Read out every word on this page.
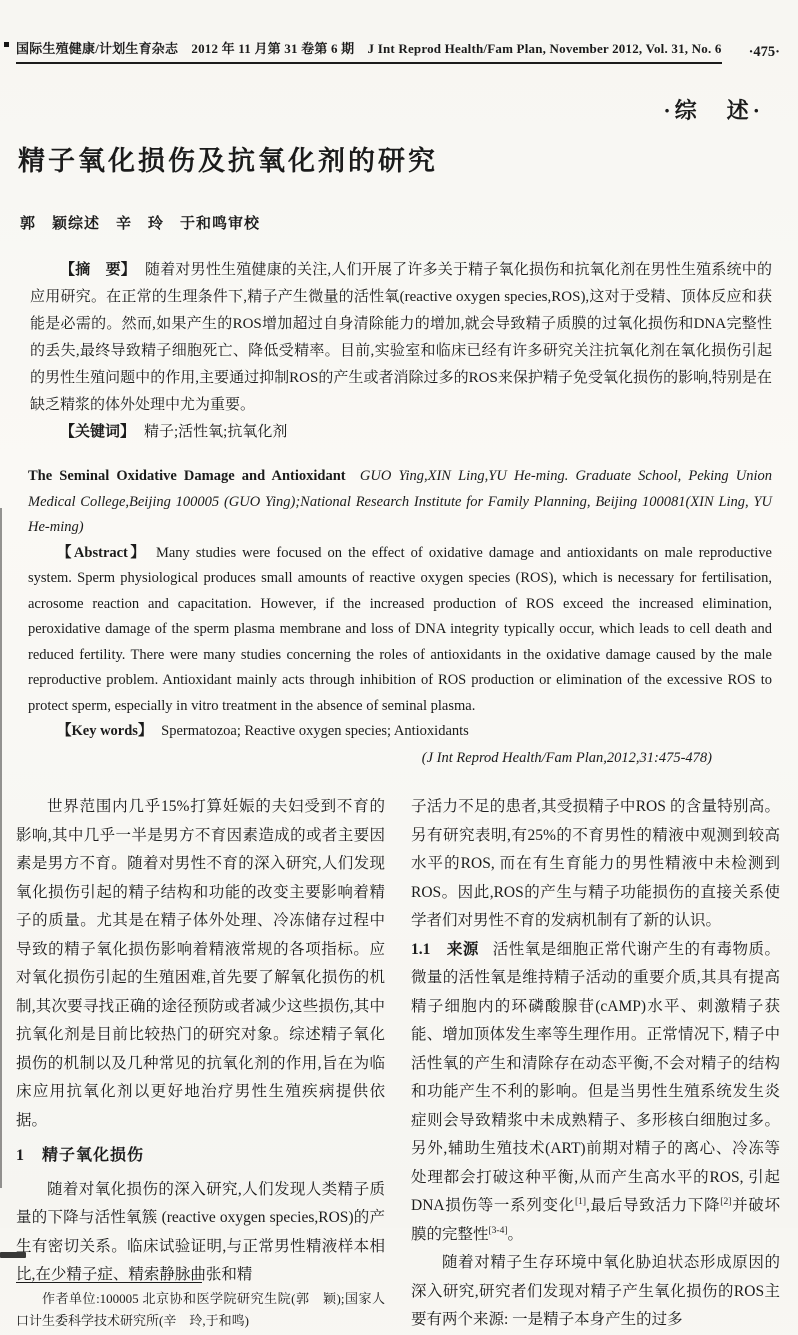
国际生殖健康/计划生育杂志　2012 年 11 月第 31 卷第 6 期　J Int Reprod Health/Fam Plan, November 2012, Vol. 31, No. 6 ·475·
·综　述·
精子氧化损伤及抗氧化剂的研究
郭　颖综述　辛　玲　于和鸣审校

【摘　要】 随着对男性生殖健康的关注,人们开展了许多关于精子氧化损伤和抗氧化剂在男性生殖系统中的应用研究。在正常的生理条件下,精子产生微量的活性氧(reactive oxygen species,ROS),这对于受精、顶体反应和获能是必需的。然而,如果产生的ROS增加超过自身清除能力的增加,就会导致精子质膜的过氧化损伤和DNA完整性的丢失,最终导致精子细胞死亡、降低受精率。目前,实验室和临床已经有许多研究关注抗氧化剂在氧化损伤引起的男性生殖问题中的作用,主要通过抑制ROS的产生或者消除过多的ROS来保护精子免受氧化损伤的影响,特别是在缺乏精浆的体外处理中尤为重要。

【关键词】 精子;活性氧;抗氧化剂

The Seminal Oxidative Damage and Antioxidant GUO Ying,XIN Ling,YU He-ming. Graduate School, Peking Union Medical College,Beijing 100005 (GUO Ying);National Research Institute for Family Planning, Beijing 100081(XIN Ling, YU He-ming)

【Abstract】 Many studies were focused on the effect of oxidative damage and antioxidants on male reproductive system. Sperm physiological produces small amounts of reactive oxygen species (ROS), which is necessary for fertilisation, acrosome reaction and capacitation. However, if the increased production of ROS exceed the increased elimination, peroxidative damage of the sperm plasma membrane and loss of DNA integrity typically occur, which leads to cell death and reduced fertility. There were many studies concerning the roles of antioxidants in the oxidative damage caused by the male reproductive problem. Antioxidant mainly acts through inhibition of ROS production or elimination of the excessive ROS to protect sperm, especially in vitro treatment in the absence of seminal plasma.

【Key words】 Spermatozoa; Reactive oxygen species; Antioxidants

(J Int Reprod Health/Fam Plan,2012,31:475-478)

世界范围内几乎15%打算妊娠的夫妇受到不育的影响,其中几乎一半是男方不育因素造成的或者主要因素是男方不育。随着对男性不育的深入研究,人们发现氧化损伤引起的精子结构和功能的改变主要影响着精子的质量。尤其是在精子体外处理、冷冻储存过程中导致的精子氧化损伤影响着精液常规的各项指标。应对氧化损伤引起的生殖困难,首先要了解氧化损伤的机制,其次要寻找正确的途径预防或者减少这些损伤,其中抗氧化剂是目前比较热门的研究对象。综述精子氧化损伤的机制以及几种常见的抗氧化剂的作用,旨在为临床应用抗氧化剂以更好地治疗男性生殖疾病提供依据。

1　精子氧化损伤

随着对氧化损伤的深入研究,人们发现人类精子质量的下降与活性氧簇 (reactive oxygen species,ROS)的产生有密切关系。临床试验证明,与正常男性精液样本相比,在少精子症、精索静脉曲张和精

子活力不足的患者,其受损精子中ROS 的含量特别高。另有研究表明,有25%的不育男性的精液中观测到较高水平的ROS, 而在有生育能力的男性精液中未检测到ROS。因此,ROS的产生与精子功能损伤的直接关系使学者们对男性不育的发病机制有了新的认识。

1.1　来源 活性氧是细胞正常代谢产生的有毒物质。微量的活性氧是维持精子活动的重要介质,其具有提高精子细胞内的环磷酸腺苷(cAMP)水平、刺激精子获能、增加顶体发生率等生理作用。正常情况下, 精子中活性氧的产生和清除存在动态平衡,不会对精子的结构和功能产生不利的影响。但是当男性生殖系统发生炎症则会导致精浆中未成熟精子、多形核白细胞过多。另外,辅助生殖技术(ART)前期对精子的离心、冷冻等处理都会打破这种平衡,从而产生高水平的ROS, 引起DNA损伤等一系列变化[1],最后导致活力下降[2]并破坏膜的完整性[3-4]。

随着对精子生存环境中氧化胁迫状态形成原因的深入研究,研究者们发现对精子产生氧化损伤的ROS主要有两个来源: 一是精子本身产生的过多

作者单位:100005 北京协和医学院研究生院(郭　颖);国家人口计生委科学技术研究所(辛　玲,于和鸣)
